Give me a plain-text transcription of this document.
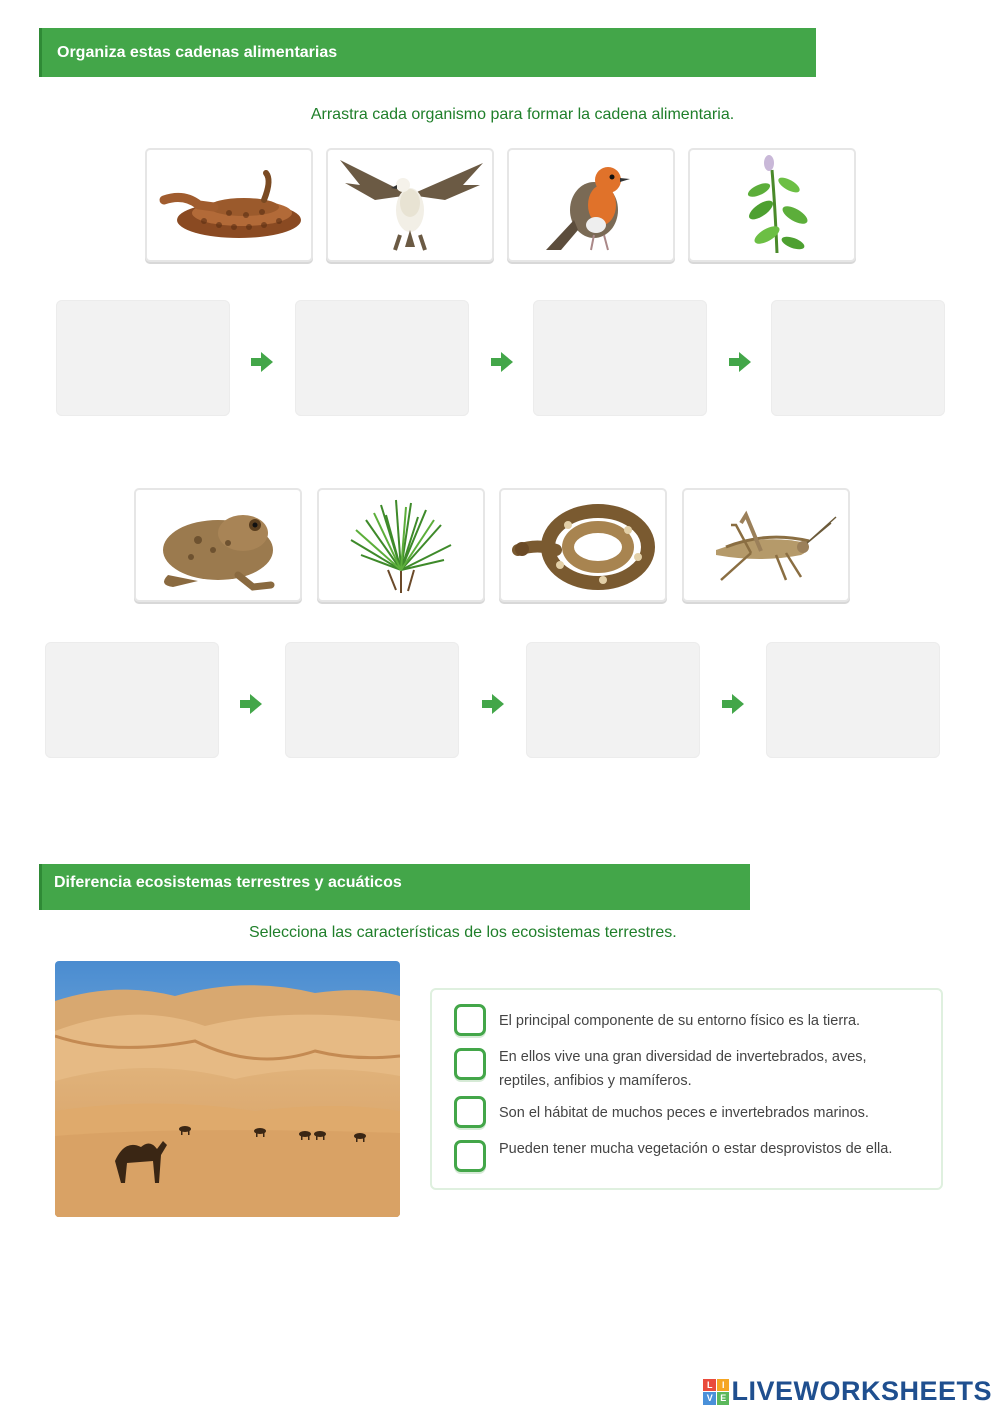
Organiza estas cadenas alimentarias
Arrastra cada organismo para formar la cadena alimentaria.
Diferencia ecosistemas terrestres y acuáticos
Selecciona las características de los ecosistemas terrestres.
El principal componente de su entorno físico es la tierra.
En ellos vive una gran diversidad de invertebrados, aves, reptiles, anfibios y mamíferos.
Son el hábitat de muchos peces e invertebrados marinos.
Pueden tener mucha vegetación o estar desprovistos de ella.
L	I
V E LIVEWORKSHEETS
